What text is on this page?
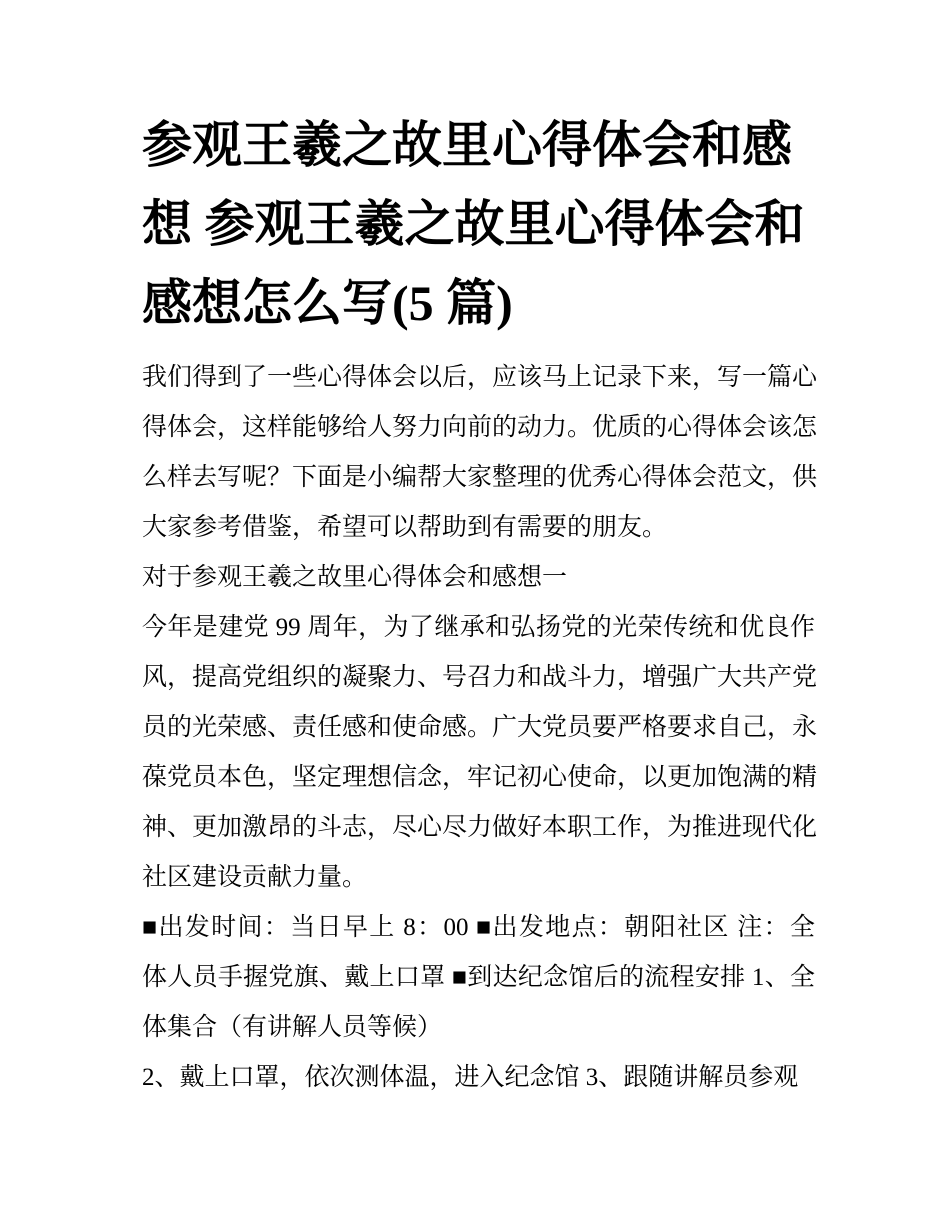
参观王羲之故里心得体会和感
想 参观王羲之故里心得体会和
感想怎么写(5 篇)
我们得到了一些心得体会以后，应该马上记录下来，写一篇心
得体会，这样能够给人努力向前的动力。优质的心得体会该怎
么样去写呢？下面是小编帮大家整理的优秀心得体会范文，供
大家参考借鉴，希望可以帮助到有需要的朋友。
对于参观王羲之故里心得体会和感想一
今年是建党 99 周年，为了继承和弘扬党的光荣传统和优良作
风，提高党组织的凝聚力、号召力和战斗力，增强广大共产党
员的光荣感、责任感和使命感。广大党员要严格要求自己，永
葆党员本色，坚定理想信念，牢记初心使命，以更加饱满的精
神、更加激昂的斗志，尽心尽力做好本职工作，为推进现代化
社区建设贡献力量。
■出发时间：当日早上 8：00 ■出发地点：朝阳社区 注：全
体人员手握党旗、戴上口罩 ■到达纪念馆后的流程安排 1、全
体集合（有讲解人员等候）
2、戴上口罩，依次测体温，进入纪念馆 3、跟随讲解员参观
